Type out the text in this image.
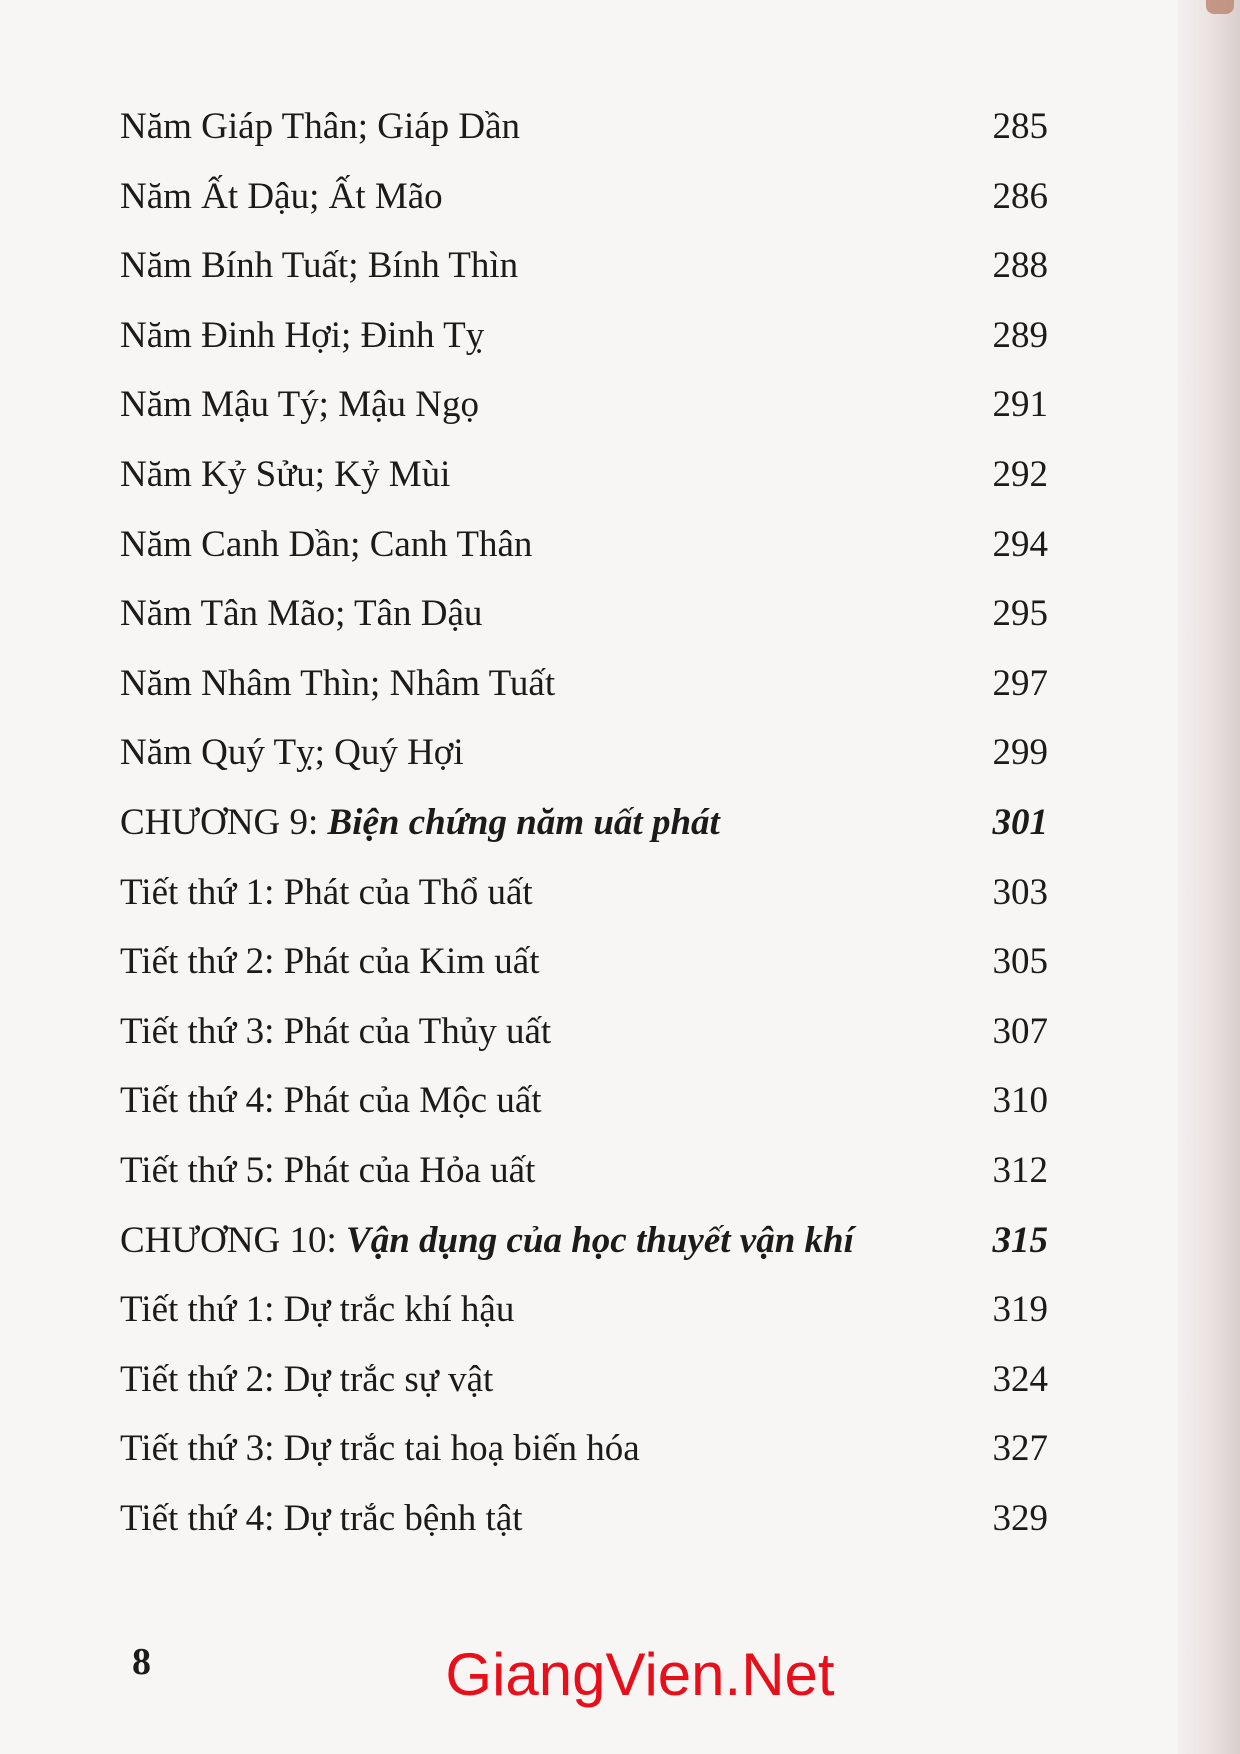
Năm Giáp Thân; Giáp Dần	285
Năm Ất Dậu; Ất Mão	286
Năm Bính Tuất; Bính Thìn	288
Năm Đinh Hợi; Đinh Tỵ	289
Năm Mậu Tý; Mậu Ngọ	291
Năm Kỷ Sửu; Kỷ Mùi	292
Năm Canh Dần; Canh Thân	294
Năm Tân Mão; Tân Dậu	295
Năm Nhâm Thìn; Nhâm Tuất	297
Năm Quý Tỵ; Quý Hợi	299
CHƯƠNG 9: Biện chứng năm uất phát	301
Tiết thứ 1: Phát của Thổ uất	303
Tiết thứ 2: Phát của Kim uất	305
Tiết thứ 3: Phát của Thủy uất	307
Tiết thứ 4: Phát của Mộc uất	310
Tiết thứ 5: Phát của Hỏa uất	312
CHƯƠNG 10: Vận dụng của học thuyết vận khí	315
Tiết thứ 1: Dự trắc khí hậu	319
Tiết thứ 2: Dự trắc sự vật	324
Tiết thứ 3: Dự trắc tai hoạ biến hóa	327
Tiết thứ 4: Dự trắc bệnh tật	329
8	GiangVien.Net
